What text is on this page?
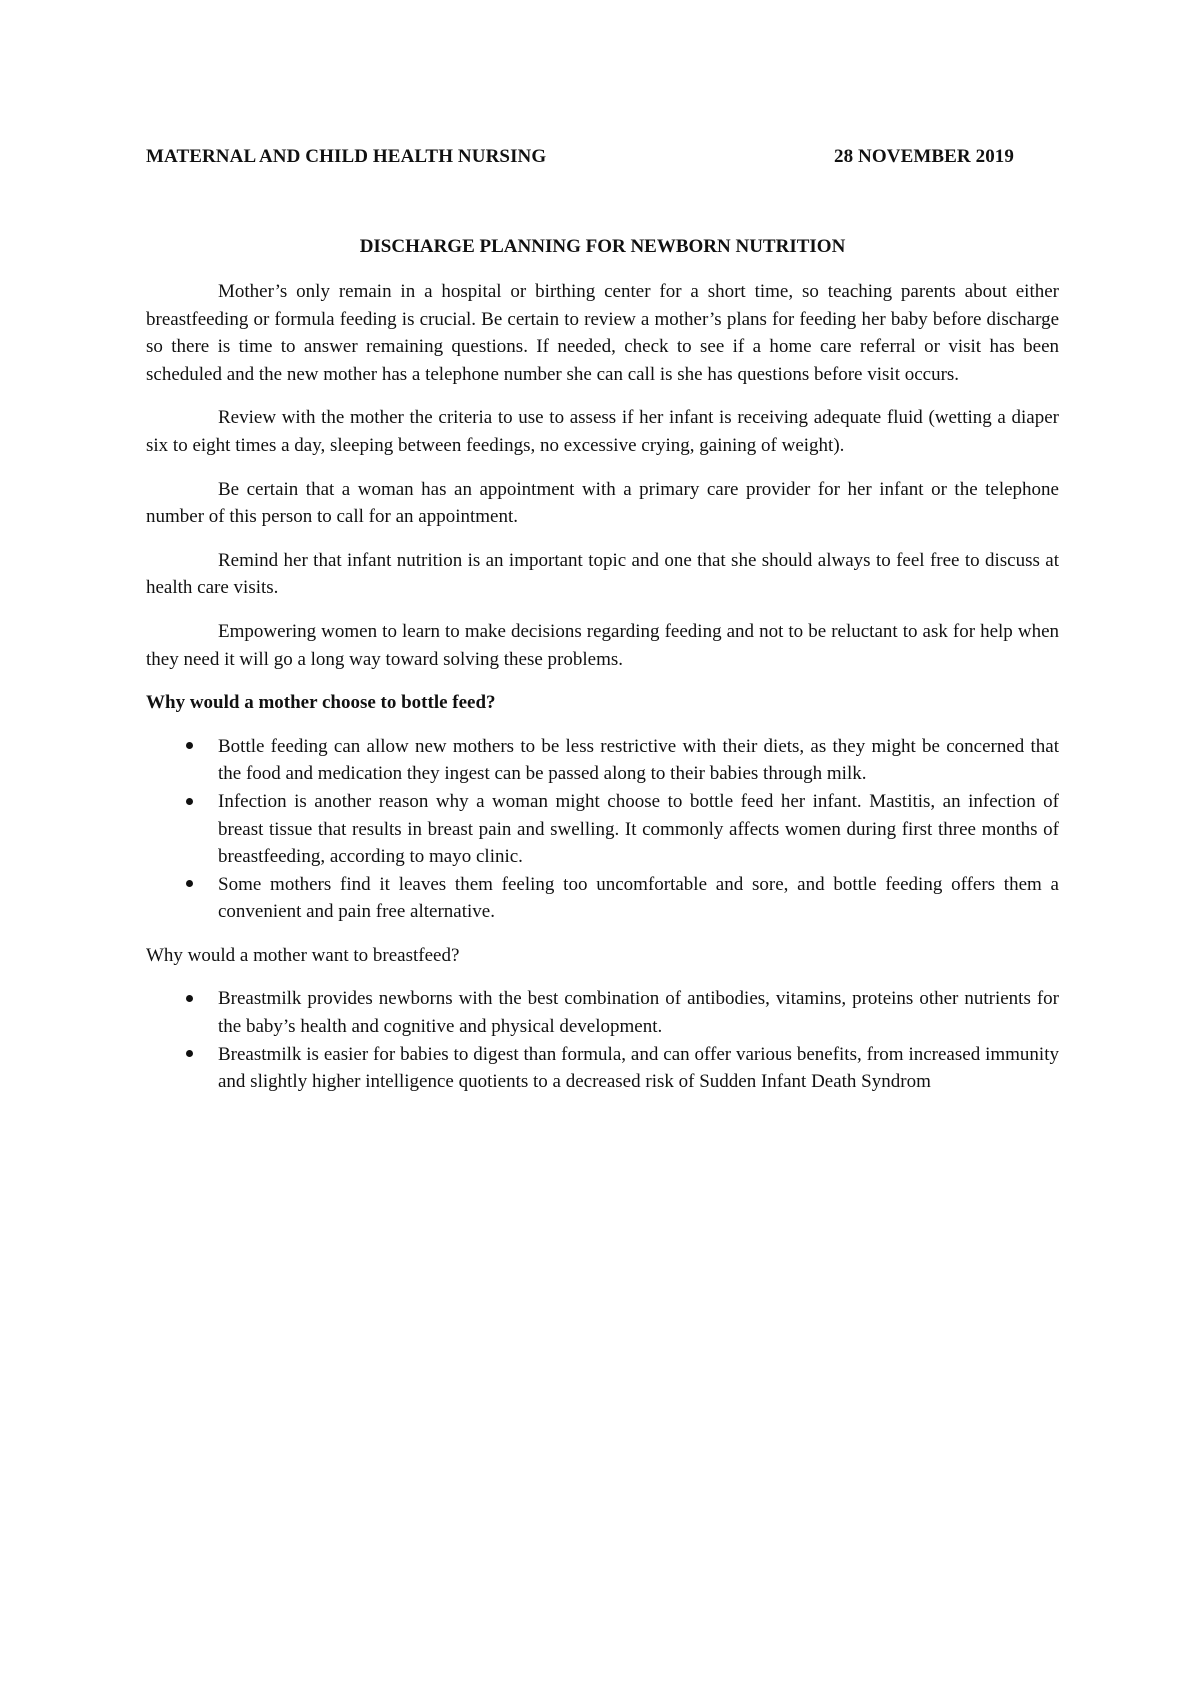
MATERNAL AND CHILD HEALTH NURSING	28 NOVEMBER 2019
DISCHARGE PLANNING FOR NEWBORN NUTRITION

Mother’s only remain in a hospital or birthing center for a short time, so teaching parents about either breastfeeding or formula feeding is crucial. Be certain to review a mother’s plans for feeding her baby before discharge so there is time to answer remaining questions. If needed, check to see if a home care referral or visit has been scheduled and the new mother has a telephone number she can call is she has questions before visit occurs.

Review with the mother the criteria to use to assess if her infant is receiving adequate fluid (wetting a diaper six to eight times a day, sleeping between feedings, no excessive crying, gaining of weight).

Be certain that a woman has an appointment with a primary care provider for her infant or the telephone number of this person to call for an appointment.

Remind her that infant nutrition is an important topic and one that she should always to feel free to discuss at health care visits.

Empowering women to learn to make decisions regarding feeding and not to be reluctant to ask for help when they need it will go a long way toward solving these problems.

Why would a mother choose to bottle feed?

Bottle feeding can allow new mothers to be less restrictive with their diets, as they might be concerned that the food and medication they ingest can be passed along to their babies through milk.
Infection is another reason why a woman might choose to bottle feed her infant. Mastitis, an infection of breast tissue that results in breast pain and swelling. It commonly affects women during first three months of breastfeeding, according to mayo clinic.
Some mothers find it leaves them feeling too uncomfortable and sore, and bottle feeding offers them a convenient and pain free alternative.

Why would a mother want to breastfeed?

Breastmilk provides newborns with the best combination of antibodies, vitamins, proteins other nutrients for the baby’s health and cognitive and physical development.
Breastmilk is easier for babies to digest than formula, and can offer various benefits, from increased immunity and slightly higher intelligence quotients to a decreased risk of Sudden Infant Death Syndrom
